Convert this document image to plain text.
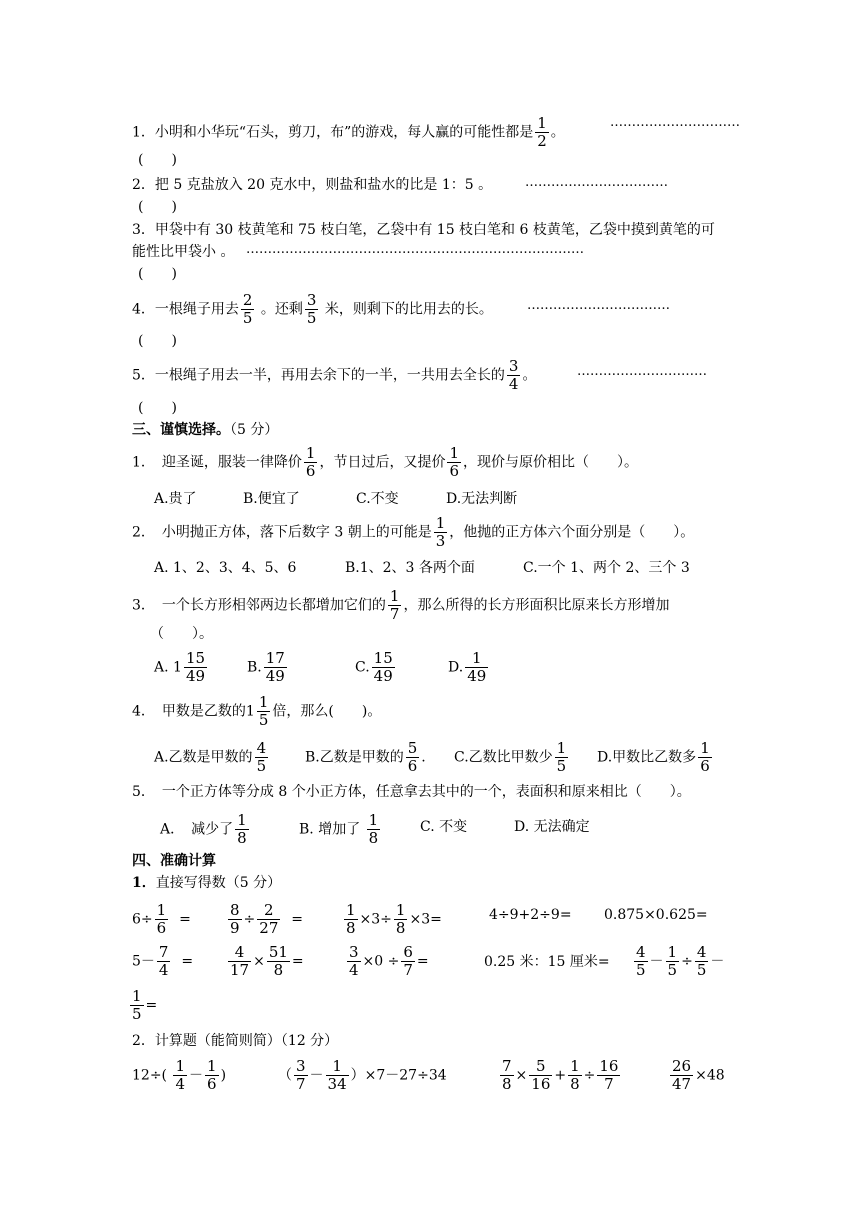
1．小明和小华玩“石头，剪刀，布”的游戏，每人赢的可能性都是 $\frac{1}{2}$ 。
…………………………
(　　)
2．把 5 克盐放入 20 克水中，则盐和盐水的比是 1：5 。	……………………………
(　　)
3．甲袋中有 30 枝黄笔和 75 枝白笔，乙袋中有 15 枝白笔和 6 枝黄笔，乙袋中摸到黄笔的可
能性比甲袋小 。 ……………………………………………………………………
(　　)
4．一根绳子用去 $\frac{2}{5}$ 。还剩 $\frac{3}{5}$ 米，则剩下的比用去的长。	……………………………
(　　)
5．一根绳子用去一半，再用去余下的一半，一共用去全长的 $\frac{3}{4}$ 。	…………………………
(　　)
三、谨慎选择。（5 分）
1．　迎圣诞，服装一律降价 $\frac{1}{6}$ ，节日过后，又提价 $\frac{1}{6}$ ，现价与原价相比（　　）。
A.贵了	B.便宜了	C.不变	D.无法判断
2．　小明抛正方体，落下后数字 3 朝上的可能是 $\frac{1}{3}$ ，他抛的正方体六个面分别是（　　）。
A. 1、2、3、4、5、6	B.1、2、3 各两个面	C.一个 1、两个 2、三个 3
3．　一个长方形相邻两边长都增加它们的 $\frac{1}{7}$ ，那么所得的长方形面积比原来长方形增加
（　　）。
A. $1 \frac{15}{49}$	B. $\frac{17}{49}$	C. $\frac{15}{49}$	D. $\frac{1}{49}$
4．　甲数是乙数的$1 \frac{1}{5}$ 倍，那么(　　)。
A.乙数是甲数的 $\frac{4}{5}$	B.乙数是甲数的 $\frac{5}{6}$ . C.乙数比甲数少 $\frac{1}{5} D$.甲数比乙数多 $\frac{1}{6}$
5．　一个正方体等分成 8 个小正方体，任意拿去其中的一个，表面积和原来相比（　　）。
A．　减少了 $\frac{1}{8}$	B. 增加了 $\frac{1}{8}$	C. 不变	D. 无法确定
四、准确计算
1．直接写得数（5 分）
$6\div \frac{1}{6} = \frac{8}{9} \div \frac{2}{27}$ =	$\frac{1}{8} \times 3\div \frac{1}{8} \times 3=$	4÷9+2÷9= 0.875×0.625=
$5- \frac{7}{4} = \frac{4}{17} \times \frac{51}{8}$ =	$\frac{3}{4} \times 0 \div \frac{6}{7}$ =	0.25 米：15 厘米= $\frac{4}{5} - \frac{1}{5} \div \frac{4}{5}$ －
$\frac{1}{5}$ =
2．计算题（能简则简）（12 分）
$12\div( \frac{1}{4} - \frac{1}{6}$ )	（ $\frac{3}{7} - \frac{1}{34} )\times 7-27\div 34$	$\frac{7}{8} \times \frac{5}{16} + \frac{1}{8} \div \frac{16}{7}$	$\frac{26}{47} \times 48$
